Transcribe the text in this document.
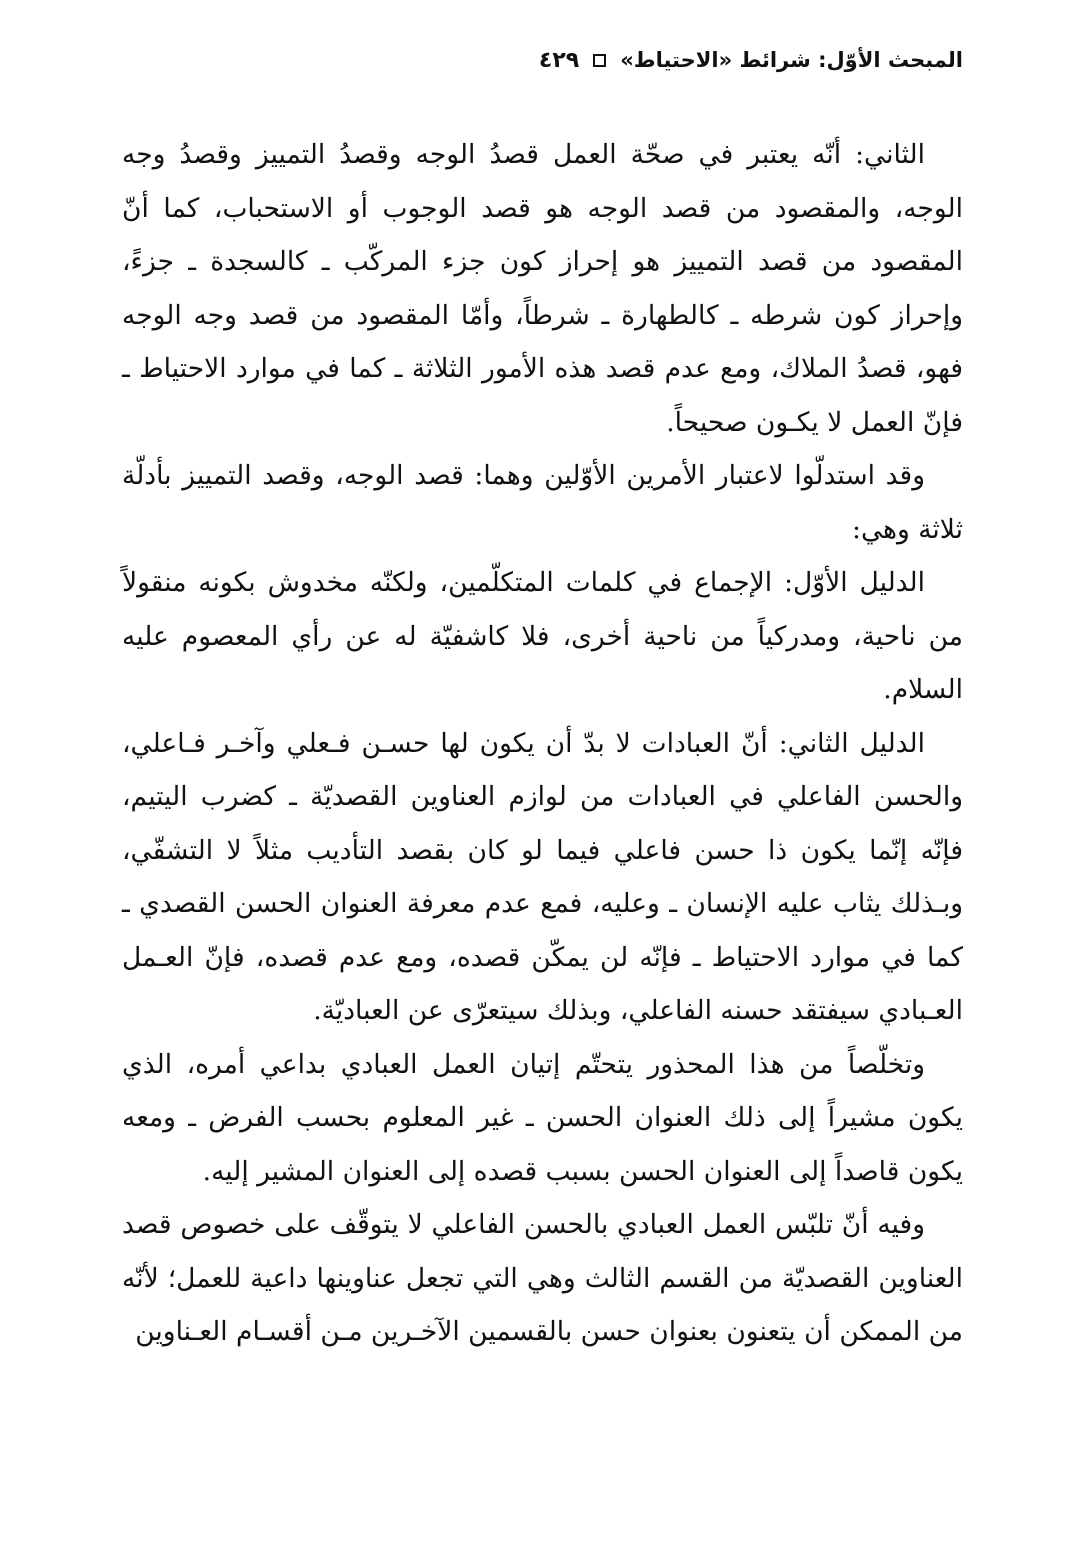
المبحث الأوّل: شرائط «الاحتياط»
٤٢٩

الثاني: أنّه يعتبر في صحّة العمل قصدُ الوجه وقصدُ التمييز وقصدُ وجه الوجه، والمقصود من قصد الوجه هو قصد الوجوب أو الاستحباب، كما أنّ المقصود من قصد التمييز هو إحراز كون جزء المركّب ـ كالسجدة ـ جزءً، وإحراز كون شرطه ـ كالطهارة ـ شرطاً، وأمّا المقصود من قصد وجه الوجه فهو، قصدُ الملاك، ومع عدم قصد هذه الأمور الثلاثة ـ كما في موارد الاحتياط ـ فإنّ العمل لا يكـون صحيحاً.

وقد استدلّوا لاعتبار الأمرين الأوّلين وهما: قصد الوجه، وقصد التمييز بأدلّة ثلاثة وهي:

الدليل الأوّل: الإجماع في كلمات المتكلّمين، ولكنّه مخدوش بكونه منقولاً من ناحية، ومدركياً من ناحية أخرى، فلا كاشفيّة له عن رأي المعصوم عليه السلام.

الدليل الثاني: أنّ العبادات لا بدّ أن يكون لها حسـن فـعلي وآخـر فـاعلي، والحسن الفاعلي في العبادات من لوازم العناوين القصديّة ـ كضرب اليتيم، فإنّه إنّما يكون ذا حسن فاعلي فيما لو كان بقصد التأديب مثلاً لا التشفّي، وبـذلك يثاب عليه الإنسان ـ وعليه، فمع عدم معرفة العنوان الحسن القصدي ـ كما في موارد الاحتياط ـ فإنّه لن يمكّن قصده، ومع عدم قصده، فإنّ العـمل العـبادي سيفتقد حسنه الفاعلي، وبذلك سيتعرّى عن العباديّة.

وتخلّصاً من هذا المحذور يتحتّم إتيان العمل العبادي بداعي أمره، الذي يكون مشيراً إلى ذلك العنوان الحسن ـ غير المعلوم بحسب الفرض ـ ومعه يكون قاصداً إلى العنوان الحسن بسبب قصده إلى العنوان المشير إليه.

وفيه أنّ تلبّس العمل العبادي بالحسن الفاعلي لا يتوقّف على خصوص قصد العناوين القصديّة من القسم الثالث وهي التي تجعل عناوينها داعية للعمل؛ لأنّه من الممكن أن يتعنون بعنوان حسن بالقسمين الآخـرين مـن أقسـام العـناوين
